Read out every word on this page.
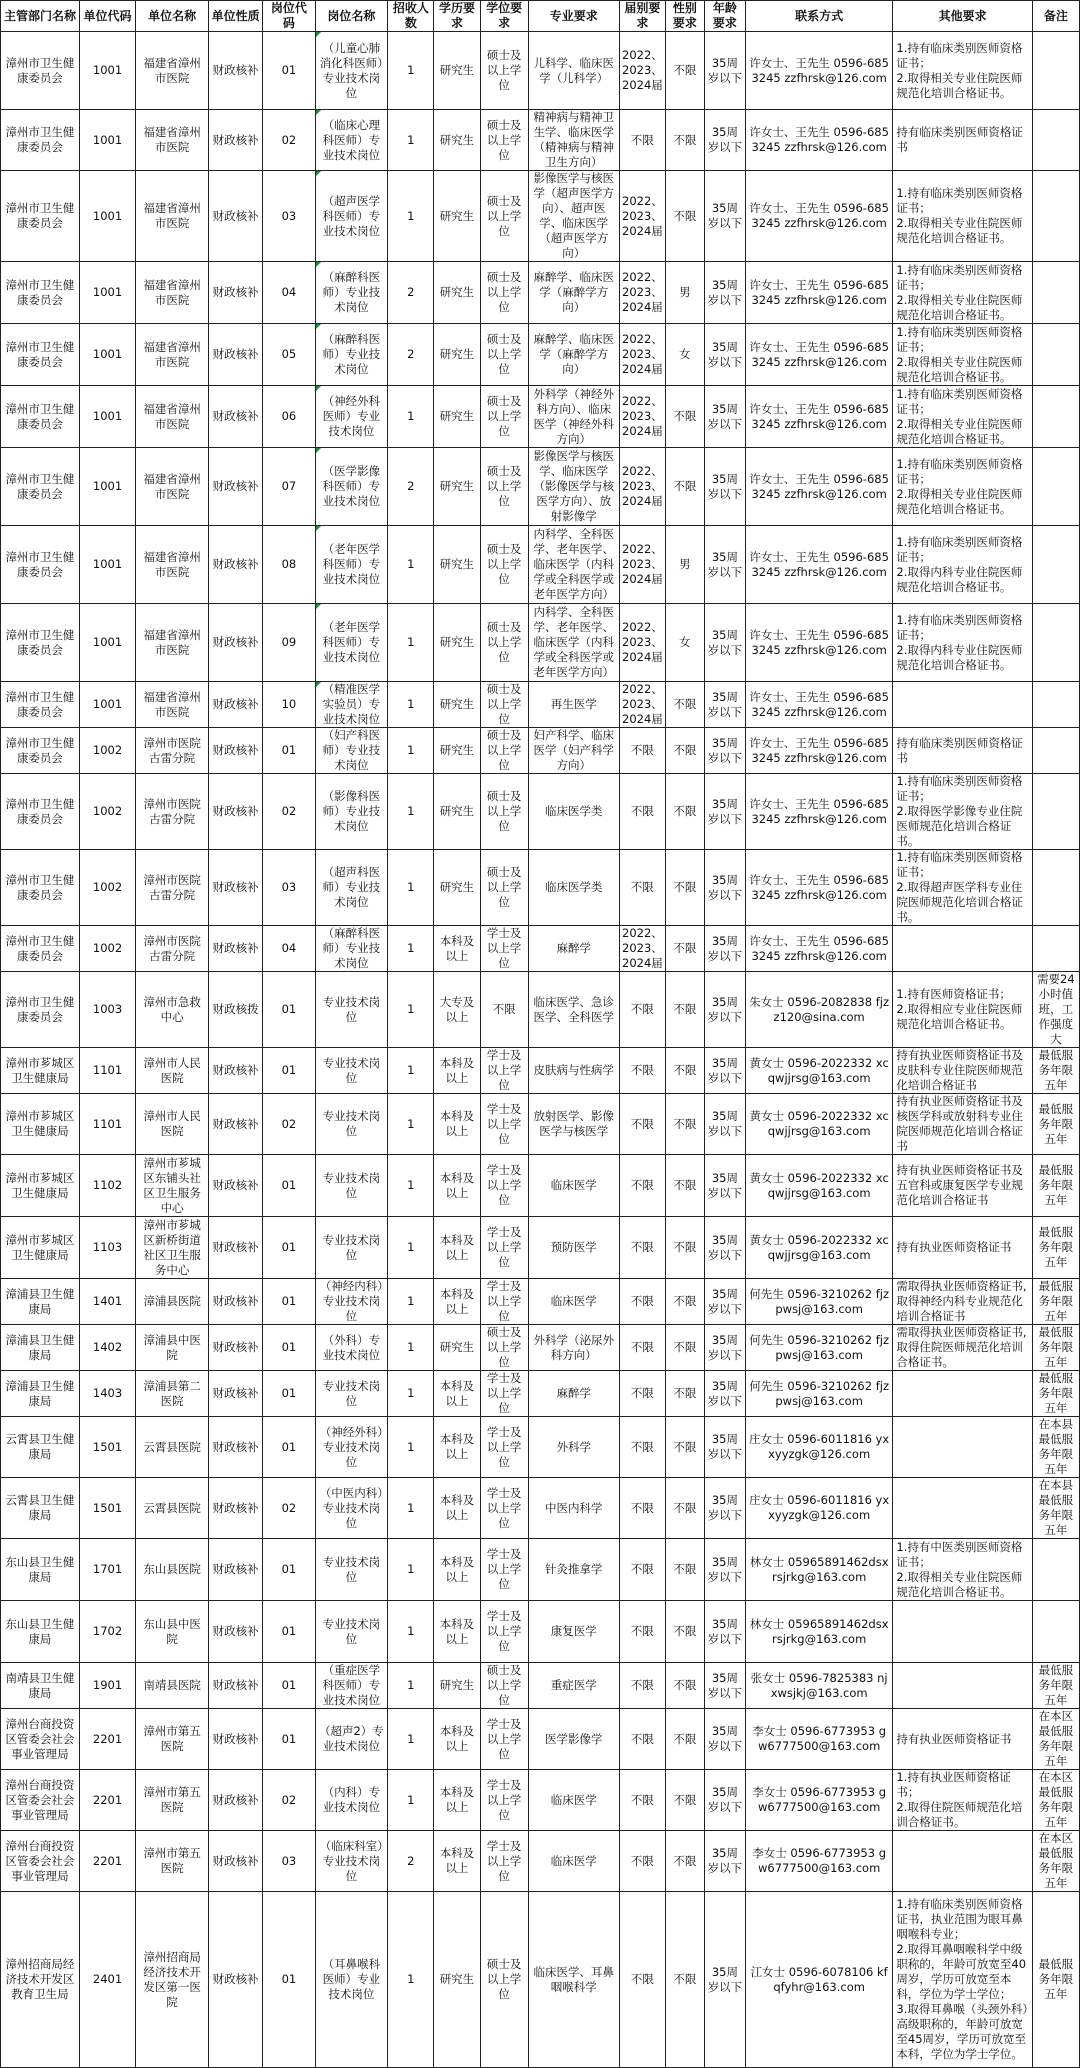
主管部门名称	单位代码	单位名称	单位性质	岗位代码	岗位名称	招收人数	学历要求	学位要求	专业要求	届别要求	性别要求	年龄要求	联系方式	其他要求	备注
漳州市卫生健康委员会	1001	福建省漳州市医院	财政核补	01	（儿童心肺消化科医师）专业技术岗位	1	研究生	硕士及以上学位	儿科学、临床医学（儿科学）	2022、2023、2024届	不限	35周岁以下	许女士、王先生 0596-6853245 zzfhrsk@126.com	1.持有临床类别医师资格证书；
2.取得相关专业住院医师规范化培训合格证书。	
漳州市卫生健康委员会	1001	福建省漳州市医院	财政核补	02	（临床心理科医师）专业技术岗位	1	研究生	硕士及以上学位	精神病与精神卫生学、临床医学（精神病与精神卫生方向）	不限	不限	35周岁以下	许女士、王先生 0596-6853245 zzfhrsk@126.com	持有临床类别医师资格证书	
漳州市卫生健康委员会	1001	福建省漳州市医院	财政核补	03	（超声医学科医师）专业技术岗位	1	研究生	硕士及以上学位	影像医学与核医学（超声医学方向）、超声医学、临床医学（超声医学方向）	2022、2023、2024届	不限	35周岁以下	许女士、王先生 0596-6853245 zzfhrsk@126.com	1.持有临床类别医师资格证书；
2.取得相关专业住院医师规范化培训合格证书。	
漳州市卫生健康委员会	1001	福建省漳州市医院	财政核补	04	（麻醉科医师）专业技术岗位	2	研究生	硕士及以上学位	麻醉学、临床医学（麻醉学方向）	2022、2023、2024届	男	35周岁以下	许女士、王先生 0596-6853245 zzfhrsk@126.com	1.持有临床类别医师资格证书；
2.取得相关专业住院医师规范化培训合格证书。	
漳州市卫生健康委员会	1001	福建省漳州市医院	财政核补	05	（麻醉科医师）专业技术岗位	2	研究生	硕士及以上学位	麻醉学、临床医学（麻醉学方向）	2022、2023、2024届	女	35周岁以下	许女士、王先生 0596-6853245 zzfhrsk@126.com	1.持有临床类别医师资格证书；
2.取得相关专业住院医师规范化培训合格证书。	
漳州市卫生健康委员会	1001	福建省漳州市医院	财政核补	06	（神经外科医师）专业技术岗位	1	研究生	硕士及以上学位	外科学（神经外科方向）、临床医学（神经外科方向）	2022、2023、2024届	不限	35周岁以下	许女士、王先生 0596-6853245 zzfhrsk@126.com	1.持有临床类别医师资格证书；
2.取得相关专业住院医师规范化培训合格证书。	
漳州市卫生健康委员会	1001	福建省漳州市医院	财政核补	07	（医学影像科医师）专业技术岗位	2	研究生	硕士及以上学位	影像医学与核医学、临床医学（影像医学与核医学方向）、放射影像学	2022、2023、2024届	不限	35周岁以下	许女士、王先生 0596-6853245 zzfhrsk@126.com	1.持有临床类别医师资格证书；
2.取得相关专业住院医师规范化培训合格证书。	
漳州市卫生健康委员会	1001	福建省漳州市医院	财政核补	08	（老年医学科医师）专业技术岗位	1	研究生	硕士及以上学位	内科学、全科医学、老年医学、临床医学（内科学或全科医学或老年医学方向）	2022、2023、2024届	男	35周岁以下	许女士、王先生 0596-6853245 zzfhrsk@126.com	1.持有临床类别医师资格证书；
2.取得内科专业住院医师规范化培训合格证书。	
漳州市卫生健康委员会	1001	福建省漳州市医院	财政核补	09	（老年医学科医师）专业技术岗位	1	研究生	硕士及以上学位	内科学、全科医学、老年医学、临床医学（内科学或全科医学或老年医学方向）	2022、2023、2024届	女	35周岁以下	许女士、王先生 0596-6853245 zzfhrsk@126.com	1.持有临床类别医师资格证书；
2.取得内科专业住院医师规范化培训合格证书。	
漳州市卫生健康委员会	1001	福建省漳州市医院	财政核补	10	（精准医学实验员）专业技术岗位	1	研究生	硕士及以上学位	再生医学	2022、2023、2024届	不限	35周岁以下	许女士、王先生 0596-6853245 zzfhrsk@126.com		
漳州市卫生健康委员会	1002	漳州市医院古雷分院	财政核补	01	（妇产科医师）专业技术岗位	1	研究生	硕士及以上学位	妇产科学、临床医学（妇产科学方向）	不限	不限	35周岁以下	许女士、王先生 0596-6853245 zzfhrsk@126.com	持有临床类别医师资格证书	
漳州市卫生健康委员会	1002	漳州市医院古雷分院	财政核补	02	（影像科医师）专业技术岗位	1	研究生	硕士及以上学位	临床医学类	不限	不限	35周岁以下	许女士、王先生 0596-6853245 zzfhrsk@126.com	1.持有临床类别医师资格证书；
2.取得医学影像专业住院医师规范化培训合格证书。	
漳州市卫生健康委员会	1002	漳州市医院古雷分院	财政核补	03	（超声科医师）专业技术岗位	1	研究生	硕士及以上学位	临床医学类	不限	不限	35周岁以下	许女士、王先生 0596-6853245 zzfhrsk@126.com	1.持有临床类别医师资格证书；
2.取得超声医学科专业住院医师规范化培训合格证书。	
漳州市卫生健康委员会	1002	漳州市医院古雷分院	财政核补	04	（麻醉科医师）专业技术岗位	1	本科及以上	学士及以上学位	麻醉学	2022、2023、2024届	不限	35周岁以下	许女士、王先生 0596-6853245 zzfhrsk@126.com		
漳州市卫生健康委员会	1003	漳州市急救中心	财政核拨	01	专业技术岗位	1	大专及以上	不限	临床医学、急诊医学、全科医学	不限	不限	35周岁以下	朱女士 0596-2082838 fjzz120@sina.com	1.持有医师资格证书；
2.取得相应专业住院医师规范化培训合格证书。	需要24小时值班，工作强度大
漳州市芗城区卫生健康局	1101	漳州市人民医院	财政核补	01	专业技术岗位	1	本科及以上	学士及以上学位	皮肤病与性病学	不限	不限	35周岁以下	黄女士 0596-2022332 xcqwjjrsg@163.com	持有执业医师资格证书及皮肤科专业住院医师规范化培训合格证书	最低服务年限五年
漳州市芗城区卫生健康局	1101	漳州市人民医院	财政核补	02	专业技术岗位	1	本科及以上	学士及以上学位	放射医学、影像医学与核医学	不限	不限	35周岁以下	黄女士 0596-2022332 xcqwjjrsg@163.com	持有执业医师资格证书及核医学科或放射科专业住院医师规范化培训合格证书	最低服务年限五年
漳州市芗城区卫生健康局	1102	漳州市芗城区东铺头社区卫生服务中心	财政核补	01	专业技术岗位	1	本科及以上	学士及以上学位	临床医学	不限	不限	35周岁以下	黄女士 0596-2022332 xcqwjjrsg@163.com	持有执业医师资格证书及五官科或康复医学专业规范化培训合格证书	最低服务年限五年
漳州市芗城区卫生健康局	1103	漳州市芗城区新桥街道社区卫生服务中心	财政核补	01	专业技术岗位	1	本科及以上	学士及以上学位	预防医学	不限	不限	35周岁以下	黄女士 0596-2022332 xcqwjjrsg@163.com	持有执业医师资格证书	最低服务年限五年
漳浦县卫生健康局	1401	漳浦县医院	财政核补	01	（神经内科）专业技术岗位	1	本科及以上	学士及以上学位	临床医学	不限	不限	35周岁以下	何先生 0596-3210262 fjzpwsj@163.com	需取得执业医师资格证书,取得神经内科专业规范化培训合格证书	最低服务年限五年
漳浦县卫生健康局	1402	漳浦县中医院	财政核补	01	（外科）专业技术岗位	1	研究生	硕士及以上学位	外科学（泌尿外科方向）	不限	不限	35周岁以下	何先生 0596-3210262 fjzpwsj@163.com	需取得执业医师资格证书,取得住院医师规范化培训合格证书。	最低服务年限五年
漳浦县卫生健康局	1403	漳浦县第二医院	财政核补	01	专业技术岗位	1	本科及以上	学士及以上学位	麻醉学	不限	不限	35周岁以下	何先生 0596-3210262 fjzpwsj@163.com		最低服务年限五年
云霄县卫生健康局	1501	云霄县医院	财政核补	01	（神经外科）专业技术岗位	1	本科及以上	学士及以上学位	外科学	不限	不限	35周岁以下	庄女士 0596-6011816 yxxyyzgk@126.com		在本县最低服务年限五年
云霄县卫生健康局	1501	云霄县医院	财政核补	02	（中医内科）专业技术岗位	1	本科及以上	学士及以上学位	中医内科学	不限	不限	35周岁以下	庄女士 0596-6011816 yxxyyzgk@126.com		在本县最低服务年限五年
东山县卫生健康局	1701	东山县医院	财政核补	01	专业技术岗位	1	本科及以上	学士及以上学位	针灸推拿学	不限	不限	35周岁以下	林女士 05965891462dsxrsjrkg@163.com	1.持有中医类别医师资格证书；
2.取得相关专业住院医师规范化培训合格证书。	
东山县卫生健康局	1702	东山县中医院	财政核补	01	专业技术岗位	1	本科及以上	学士及以上学位	康复医学	不限	不限	35周岁以下	林女士 05965891462dsxrsjrkg@163.com		
南靖县卫生健康局	1901	南靖县医院	财政核补	01	（重症医学科医师）专业技术岗位	1	研究生	硕士及以上学位	重症医学	不限	不限	35周岁以下	张女士 0596-7825383 njxwsjkj@163.com		最低服务年限五年
漳州台商投资区管委会社会事业管理局	2201	漳州市第五医院	财政核补	01	（超声2）专业技术岗位	1	本科及以上	学士及以上学位	医学影像学	不限	不限	35周岁以下	李女士 0596-6773953 gw6777500@163.com	持有执业医师资格证书	在本区最低服务年限五年
漳州台商投资区管委会社会事业管理局	2201	漳州市第五医院	财政核补	02	（内科）专业技术岗位	1	本科及以上	学士及以上学位	临床医学	不限	不限	35周岁以下	李女士 0596-6773953 gw6777500@163.com	1.持有执业医师资格证书；
2.取得住院医师规范化培训合格证书。	在本区最低服务年限五年
漳州台商投资区管委会社会事业管理局	2201	漳州市第五医院	财政核补	03	（临床科室）专业技术岗位	2	本科及以上	学士及以上学位	临床医学	不限	不限	35周岁以下	李女士 0596-6773953 gw6777500@163.com		在本区最低服务年限五年
漳州招商局经济技术开发区教育卫生局	2401	漳州招商局经济技术开发区第一医院	财政核补	01	（耳鼻喉科医师）专业技术岗位	1	研究生	硕士及以上学位	临床医学、耳鼻咽喉科学	不限	不限	35周岁以下	江女士 0596-6078106 kfqfyhr@163.com	1.持有临床类别医师资格证书，执业范围为眼耳鼻咽喉科专业；
2.取得耳鼻咽喉科学中级职称的，年龄可放宽至40周岁，学历可放宽至本科，学位为学士学位；
3.取得耳鼻喉（头颈外科）高级职称的，年龄可放宽至45周岁，学历可放宽至本科，学位为学士学位。	最低服务年限五年
